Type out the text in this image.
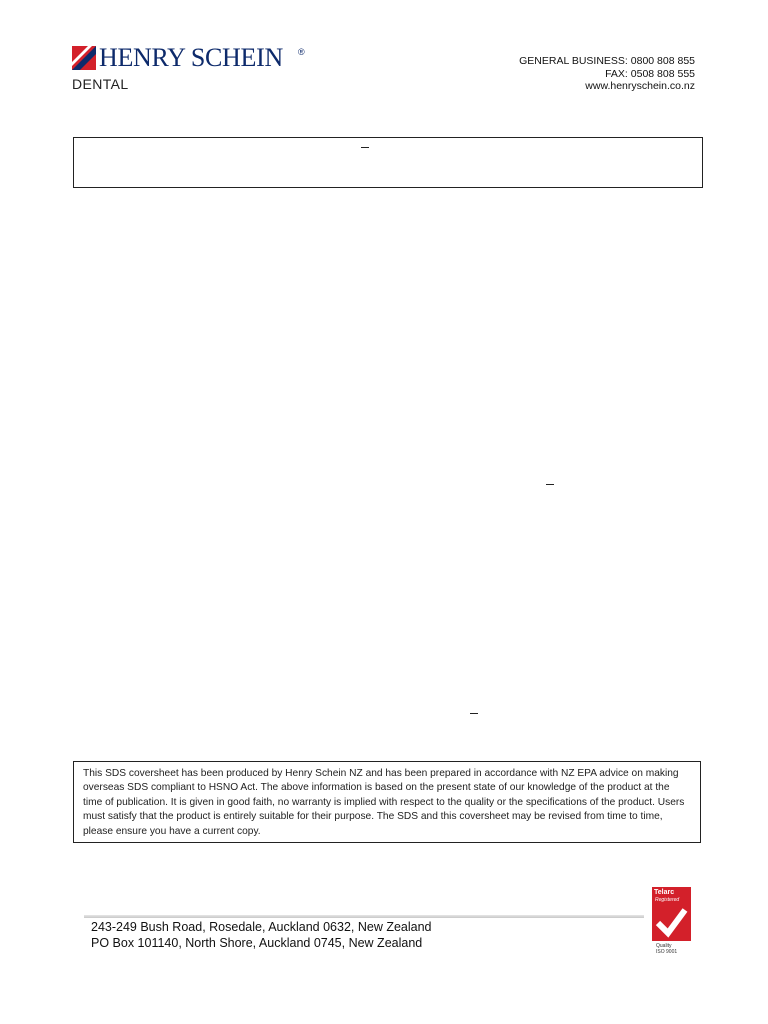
HENRY SCHEIN ®
DENTAL
GENERAL BUSINESS: 0800 808 855
FAX: 0508 808 555
www.henryschein.co.nz
This SDS coversheet has been produced by Henry Schein NZ and has been prepared in accordance with NZ EPA advice on making overseas SDS compliant to HSNO Act. The above information is based on the present state of our knowledge of the product at the time of publication. It is given in good faith, no warranty is implied with respect to the quality or the specifications of the product. Users must satisfy that the product is entirely suitable for their purpose. The SDS and this coversheet may be revised from time to time, please ensure you have a current copy.
243-249 Bush Road, Rosedale, Auckland 0632, New Zealand
PO Box 101140, North Shore, Auckland 0745, New Zealand
Telarc
Registered
Quality
ISO 9001
